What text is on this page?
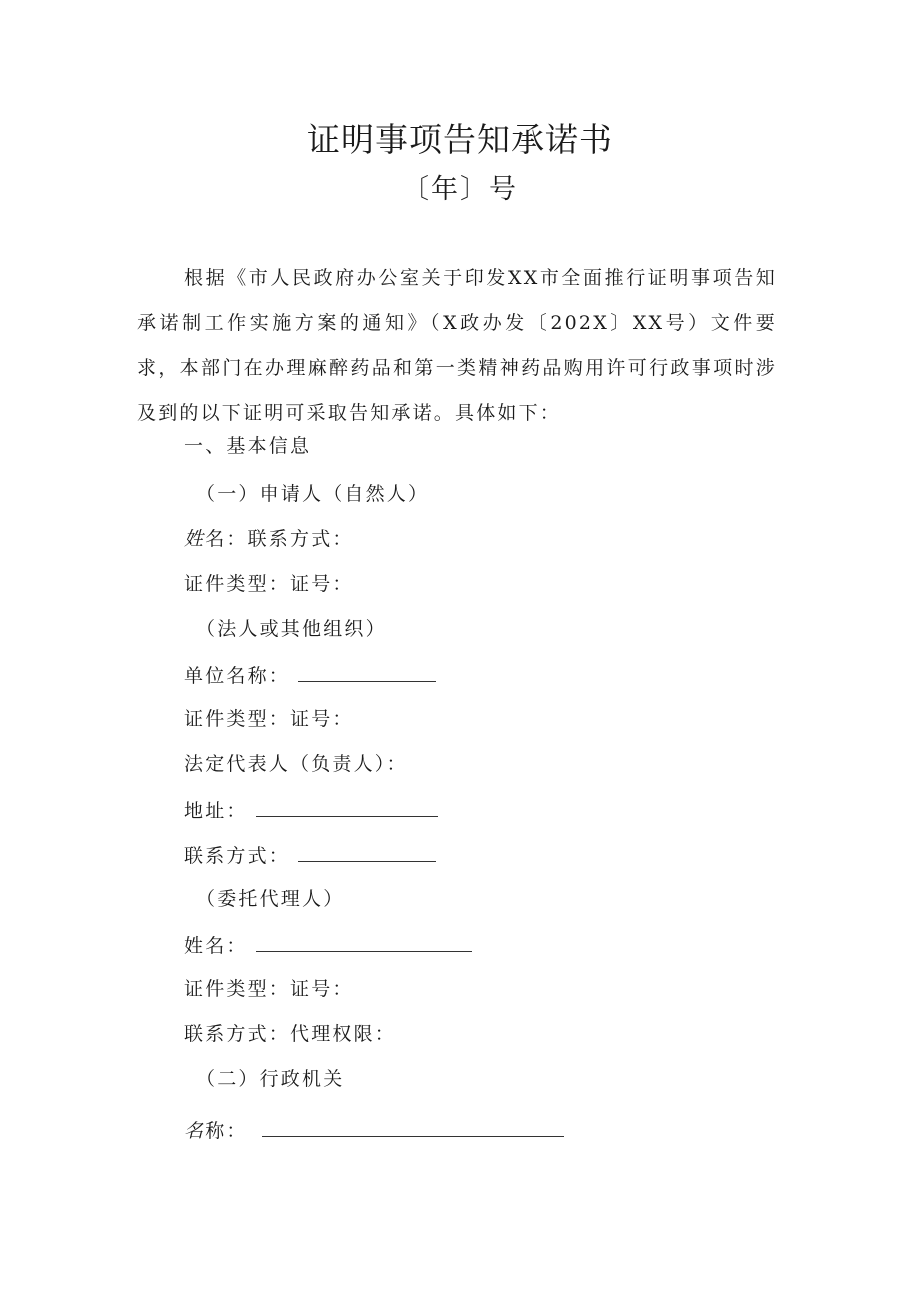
证明事项告知承诺书
〔年〕号
根据《市人民政府办公室关于印发XX市全面推行证明事项告知承诺制工作实施方案的通知》（X政办发〔202X〕XX号）文件要求，本部门在办理麻醉药品和第一类精神药品购用许可行政事项时涉及到的以下证明可采取告知承诺。具体如下：
一、基本信息
（一）申请人（自然人）
姓名：联系方式：
证件类型：证号：
（法人或其他组织）
单位名称：
证件类型：证号：
法定代表人（负责人）：
地址：
联系方式：
（委托代理人）
姓名：
证件类型：证号：
联系方式：代理权限：
（二）行政机关
名称：
